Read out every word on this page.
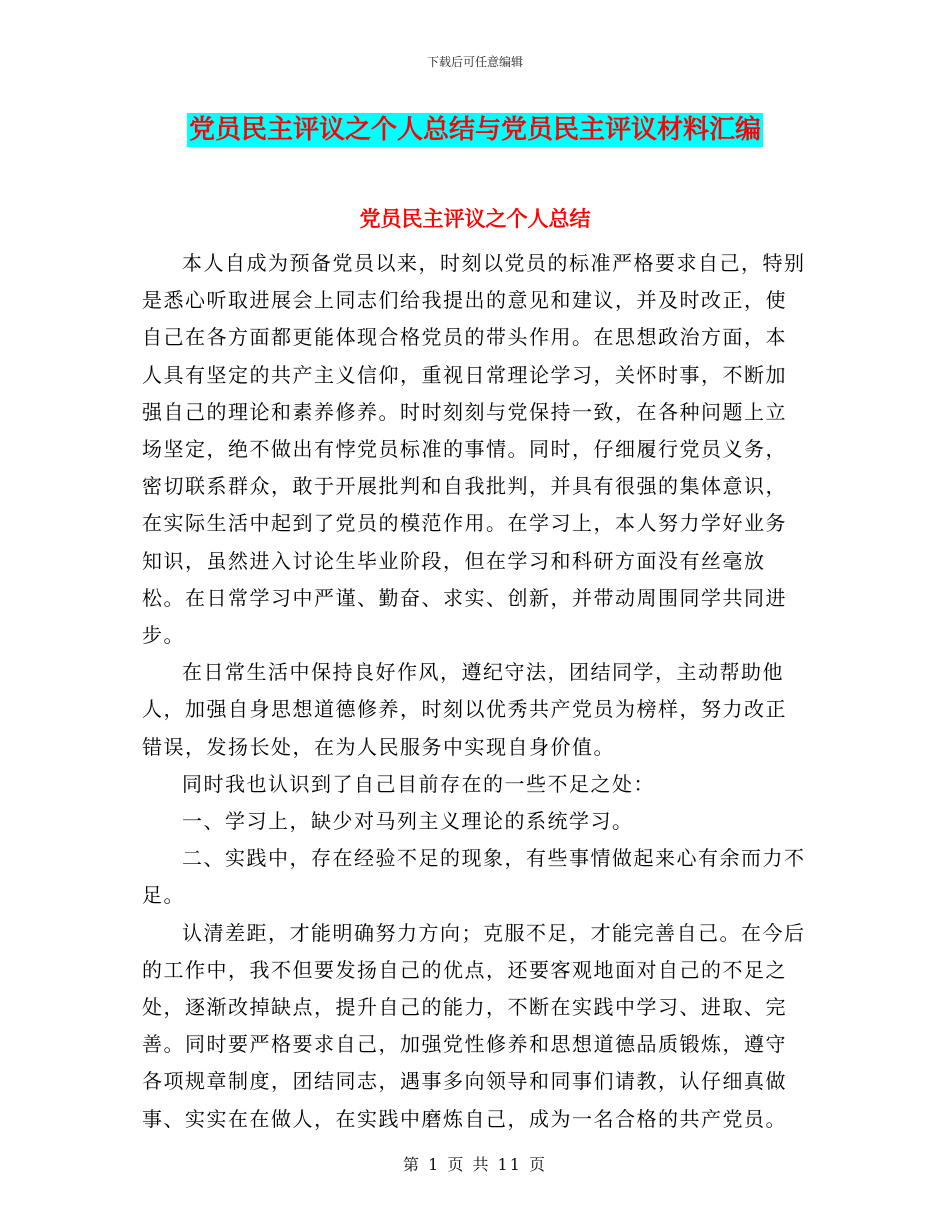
下载后可任意编辑
党员民主评议之个人总结与党员民主评议材料汇编
党员民主评议之个人总结

本人自成为预备党员以来，时刻以党员的标准严格要求自己，特别是悉心听取进展会上同志们给我提出的意见和建议，并及时改正，使自己在各方面都更能体现合格党员的带头作用。在思想政治方面，本人具有坚定的共产主义信仰，重视日常理论学习，关怀时事，不断加强自己的理论和素养修养。时时刻刻与党保持一致，在各种问题上立场坚定，绝不做出有悖党员标准的事情。同时，仔细履行党员义务，密切联系群众，敢于开展批判和自我批判，并具有很强的集体意识，在实际生活中起到了党员的模范作用。在学习上，本人努力学好业务知识，虽然进入讨论生毕业阶段，但在学习和科研方面没有丝毫放松。在日常学习中严谨、勤奋、求实、创新，并带动周围同学共同进步。

在日常生活中保持良好作风，遵纪守法，团结同学，主动帮助他人，加强自身思想道德修养，时刻以优秀共产党员为榜样，努力改正错误，发扬长处，在为人民服务中实现自身价值。

同时我也认识到了自己目前存在的一些不足之处：

一、学习上，缺少对马列主义理论的系统学习。

二、实践中，存在经验不足的现象，有些事情做起来心有余而力不足。

认清差距，才能明确努力方向；克服不足，才能完善自己。在今后的工作中，我不但要发扬自己的优点，还要客观地面对自己的不足之处，逐渐改掉缺点，提升自己的能力，不断在实践中学习、进取、完善。同时要严格要求自己，加强党性修养和思想道德品质锻炼，遵守各项规章制度，团结同志，遇事多向领导和同事们请教，认仔细真做事、实实在在做人，在实践中磨炼自己，成为一名合格的共产党员。

第 1 页 共 11 页
